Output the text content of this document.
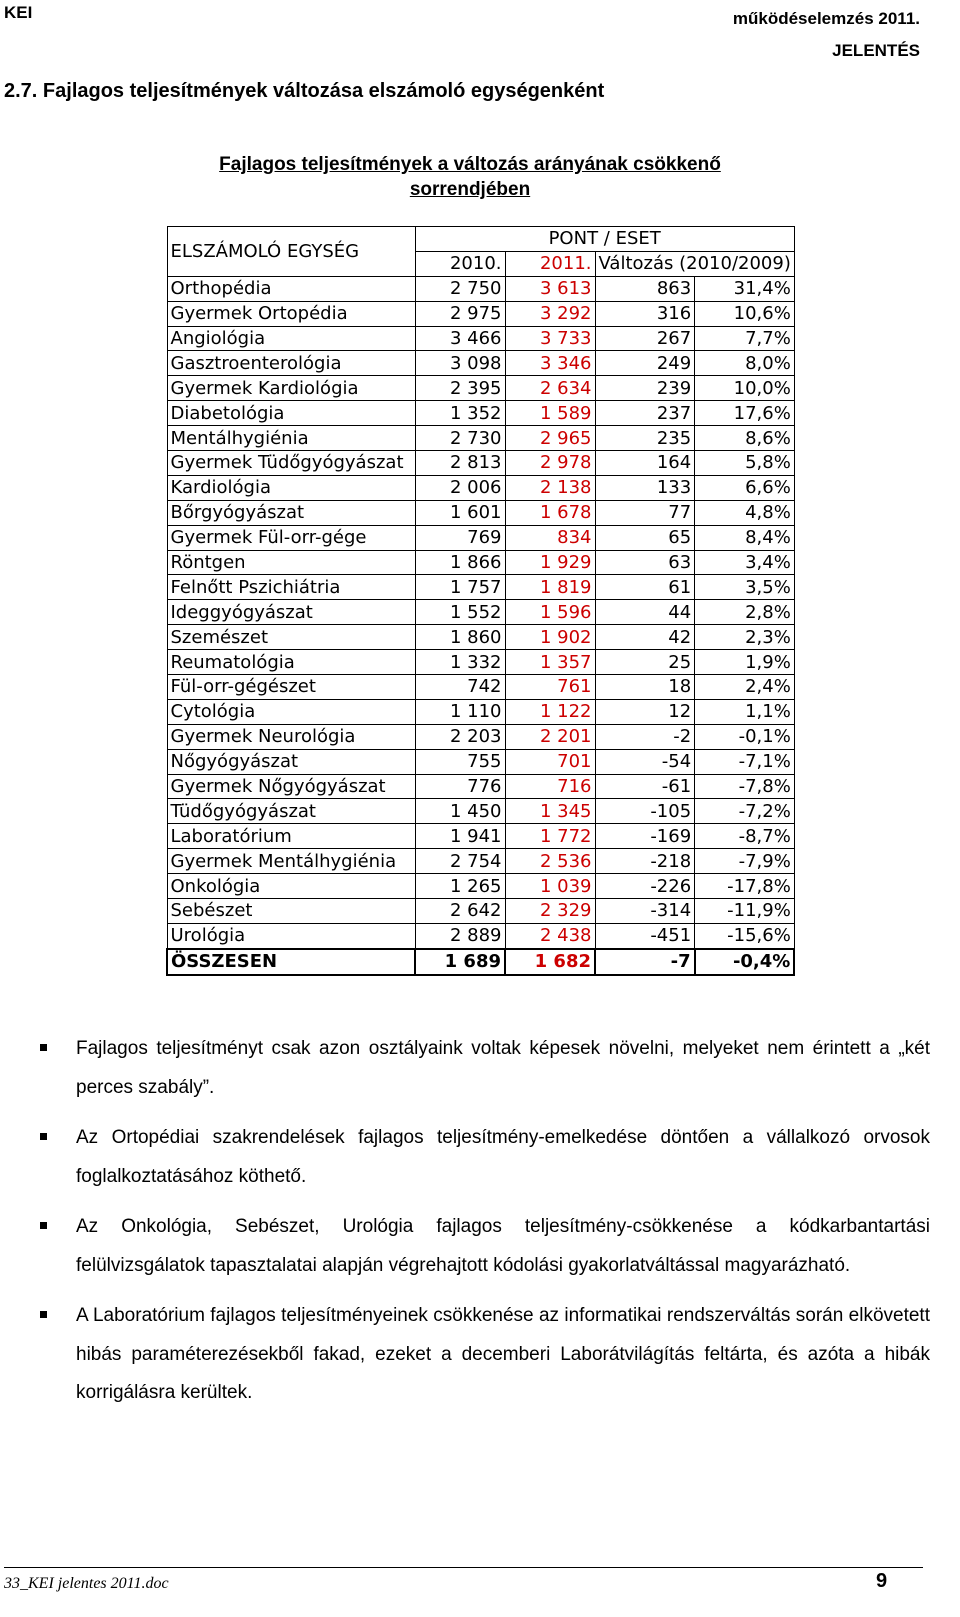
KEI	működéselemzés 2011.
JELENTÉS
2.7. Fajlagos teljesítmények változása elszámoló egységenként
Fajlagos teljesítmények a változás arányának csökkenő
sorrendjében
ELSZÁMOLÓ EGYSÉG	PONT / ESET			
	2010.	2011.	Változás (2010/2009)	
Orthopédia	2 750	3 613	863	31,4%
Gyermek Ortopédia	2 975	3 292	316	10,6%
Angiológia	3 466	3 733	267	7,7%
Gasztroenterológia	3 098	3 346	249	8,0%
Gyermek Kardiológia	2 395	2 634	239	10,0%
Diabetológia	1 352	1 589	237	17,6%
Mentálhygiénia	2 730	2 965	235	8,6%
Gyermek Tüdőgyógyászat	2 813	2 978	164	5,8%
Kardiológia	2 006	2 138	133	6,6%
Bőrgyógyászat	1 601	1 678	77	4,8%
Gyermek Fül-orr-gége	769	834	65	8,4%
Röntgen	1 866	1 929	63	3,4%
Felnőtt Pszichiátria	1 757	1 819	61	3,5%
Ideggyógyászat	1 552	1 596	44	2,8%
Szemészet	1 860	1 902	42	2,3%
Reumatológia	1 332	1 357	25	1,9%
Fül-orr-gégészet	742	761	18	2,4%
Cytológia	1 110	1 122	12	1,1%
Gyermek Neurológia	2 203	2 201	-2	-0,1%
Nőgyógyászat	755	701	-54	-7,1%
Gyermek Nőgyógyászat	776	716	-61	-7,8%
Tüdőgyógyászat	1 450	1 345	-105	-7,2%
Laboratórium	1 941	1 772	-169	-8,7%
Gyermek Mentálhygiénia	2 754	2 536	-218	-7,9%
Onkológia	1 265	1 039	-226	-17,8%
Sebészet	2 642	2 329	-314	-11,9%
Urológia	2 889	2 438	-451	-15,6%
ÖSSZESEN	1 689	1 682	-7	-0,4%
Fajlagos teljesítményt csak azon osztályaink voltak képesek növelni, melyeket nem érintett a „két perces szabály”.
Az Ortopédiai szakrendelések fajlagos teljesítmény-emelkedése döntően a vállalkozó orvosok foglalkoztatásához köthető.
Az Onkológia, Sebészet, Urológia fajlagos teljesítmény-csökkenése a kódkarbantartási felülvizsgálatok tapasztalatai alapján végrehajtott kódolási gyakorlatváltással magyarázható.
A Laboratórium fajlagos teljesítményeinek csökkenése az informatikai rendszerváltás során elkövetett hibás paraméterezésekből fakad, ezeket a decemberi Laborátvilágítás feltárta, és azóta a hibák korrigálásra kerültek.
33_KEI jelentes 2011.doc	9
